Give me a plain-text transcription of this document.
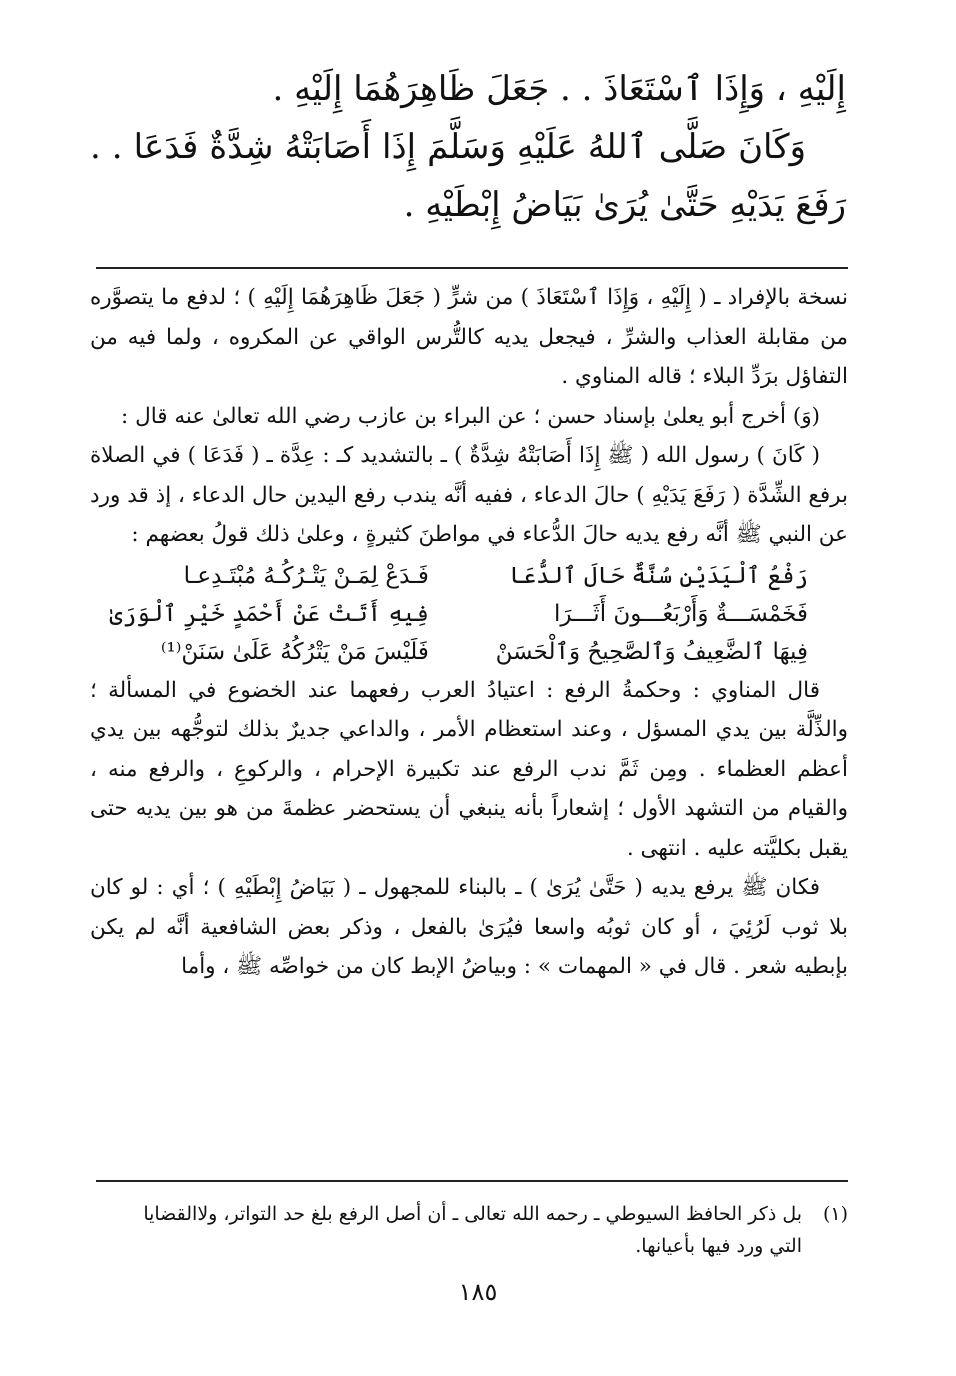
إِلَيْهِ ، وَإِذَا ٱسْتَعَاذَ . . جَعَلَ ظَاهِرَهُمَا إِلَيْهِ .

وَكَانَ صَلَّى ٱللهُ عَلَيْهِ وَسَلَّمَ إِذَا أَصَابَتْهُ شِدَّةٌ فَدَعَا . . رَفَعَ يَدَيْهِ حَتَّىٰ يُرَىٰ بَيَاضُ إِبْطَيْهِ .

نسخة بالإفراد ـ ( إِلَيْهِ ، وَإِذَا ٱسْتَعَاذَ ) من شرٍّ ( جَعَلَ ظَاهِرَهُمَا إِلَيْهِ ) ؛ لدفع ما يتصوَّره من مقابلة العذاب والشرِّ ، فيجعل يديه كالتُّرس الواقي عن المكروه ، ولما فيه من التفاؤل برَدِّ البلاء ؛ قاله المناوي .

(وَ) أخرج أبو يعلىٰ بإسناد حسن ؛ عن البراء بن عازب رضي الله تعالىٰ عنه قال :

( كَانَ ) رسول الله ( ﷺ إِذَا أَصَابَتْهُ شِدَّةٌ ) ـ بالتشديد كـ : عِدَّة ـ ( فَدَعَا ) في الصلاة برفع الشِّدَّة ( رَفَعَ يَدَيْهِ ) حالَ الدعاء ، ففيه أنَّه يندب رفع اليدين حال الدعاء ، إذ قد ورد عن النبي ﷺ أنَّه رفع يديه حالَ الدُّعاء في مواطنَ كثيرةٍ ، وعلىٰ ذلك قولُ بعضهم :

رَفْعُ ٱلْيَدَيْنِ سُنَّةٌ حَالَ ٱلدُّعَا
فَـدَعْ لِمَـنْ يَتْـرُكُـهُ مُبْتَـدِعـا
فَخَمْسَـــةٌ وَأَرْبَعُـــونَ أَثَـــرَا
فِيهِ أَتَتْ عَنْ أَحْمَدٍ خَيْرِ ٱلْوَرَىٰ
فِيهَا ٱلضَّعِيفُ وَٱلصَّحِيحُ وَٱلْحَسَنْ
فَلَيْسَ مَنْ يَتْرُكُهُ عَلَىٰ سَنَنْ⁽¹⁾

قال المناوي : وحكمةُ الرفع : اعتيادُ العرب رفعهما عند الخضوع في المسألة ؛ والذِّلَّة بين يدي المسؤل ، وعند استعظام الأمر ، والداعي جديرٌ بذلك لتوجُّهه بين يدي أعظم العظماء . ومِن ثَمَّ ندب الرفع عند تكبيرة الإحرام ، والركوعِ ، والرفع منه ، والقيام من التشهد الأول ؛ إشعاراً بأنه ينبغي أن يستحضر عظمةَ من هو بين يديه حتى يقبل بكليَّته عليه . انتهى .

فكان ﷺ يرفع يديه ( حَتَّىٰ يُرَىٰ ) ـ بالبناء للمجهول ـ ( بَيَاضُ إِبْطَيْهِ ) ؛ أي : لو كان بلا ثوب لَرُئِيَ ، أو كان ثوبُه واسعا فيُرَىٰ بالفعل ، وذكر بعض الشافعية أنَّه لم يكن بإبطيه شعر . قال في « المهمات » : وبياضُ الإبط كان من خواصِّه ﷺ ، وأما

(١)
بل ذكر الحافظ السيوطي ـ رحمه الله تعالى ـ أن أصل الرفع بلغ حد التواتر، ولاالقضايا التي ورد فيها بأعيانها.
١٨٥
